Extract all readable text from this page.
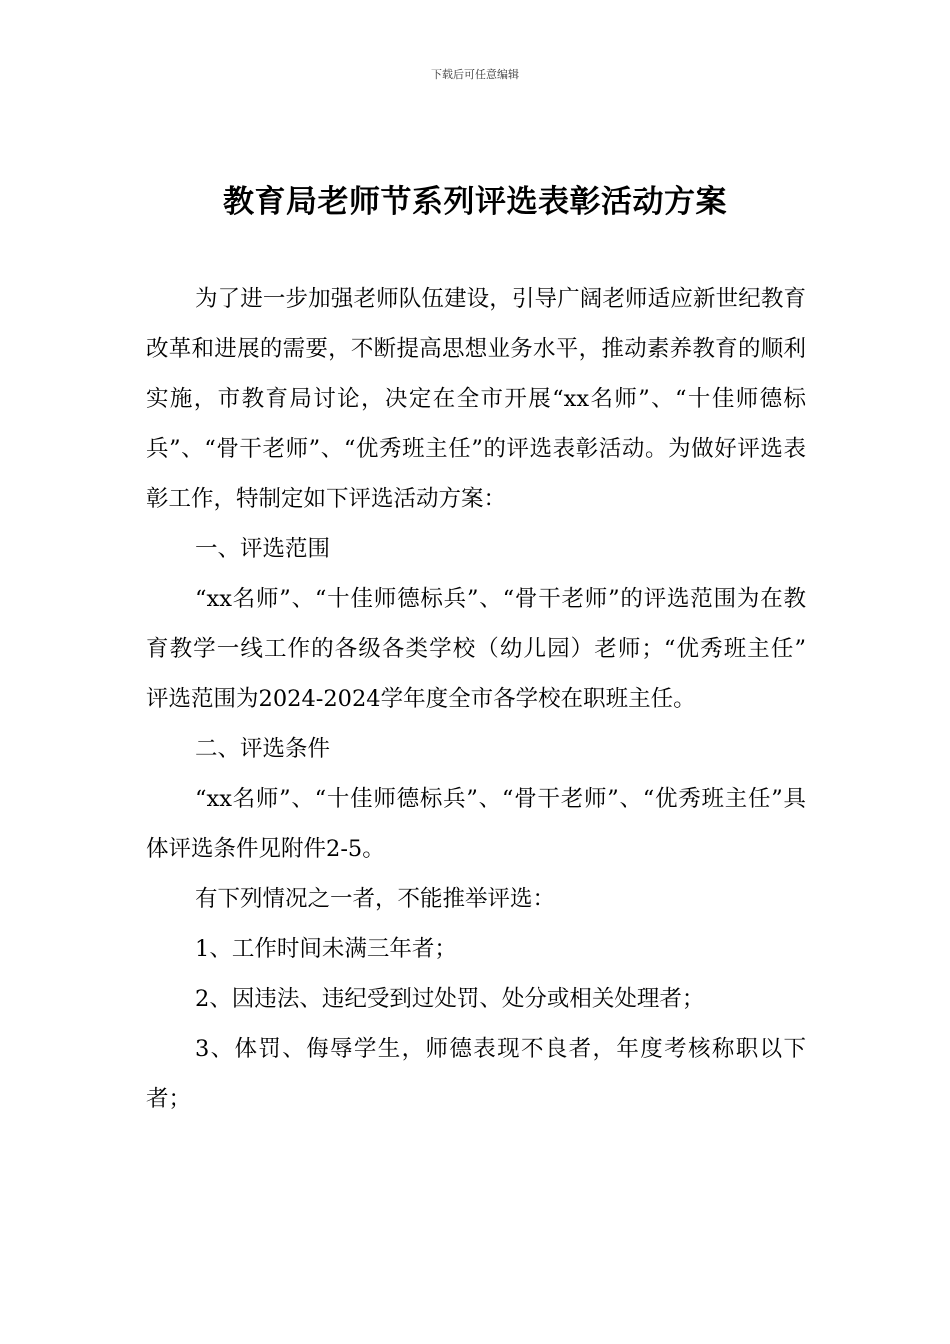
下载后可任意编辑
教育局老师节系列评选表彰活动方案

为了进一步加强老师队伍建设，引导广阔老师适应新世纪教育改革和进展的需要，不断提高思想业务水平，推动素养教育的顺利实施，市教育局讨论，决定在全市开展“xx名师”、“十佳师德标兵”、“骨干老师”、“优秀班主任”的评选表彰活动。为做好评选表彰工作，特制定如下评选活动方案：

一、评选范围

“xx名师”、“十佳师德标兵”、“骨干老师”的评选范围为在教育教学一线工作的各级各类学校（幼儿园）老师；“优秀班主任” 评选范围为2024-2024学年度全市各学校在职班主任。

二、评选条件

“xx名师”、“十佳师德标兵”、“骨干老师”、“优秀班主任”具体评选条件见附件2-5。

有下列情况之一者，不能推举评选：

1、工作时间未满三年者；

2、因违法、违纪受到过处罚、处分或相关处理者；

3、体罚、侮辱学生，师德表现不良者，年度考核称职以下者；
